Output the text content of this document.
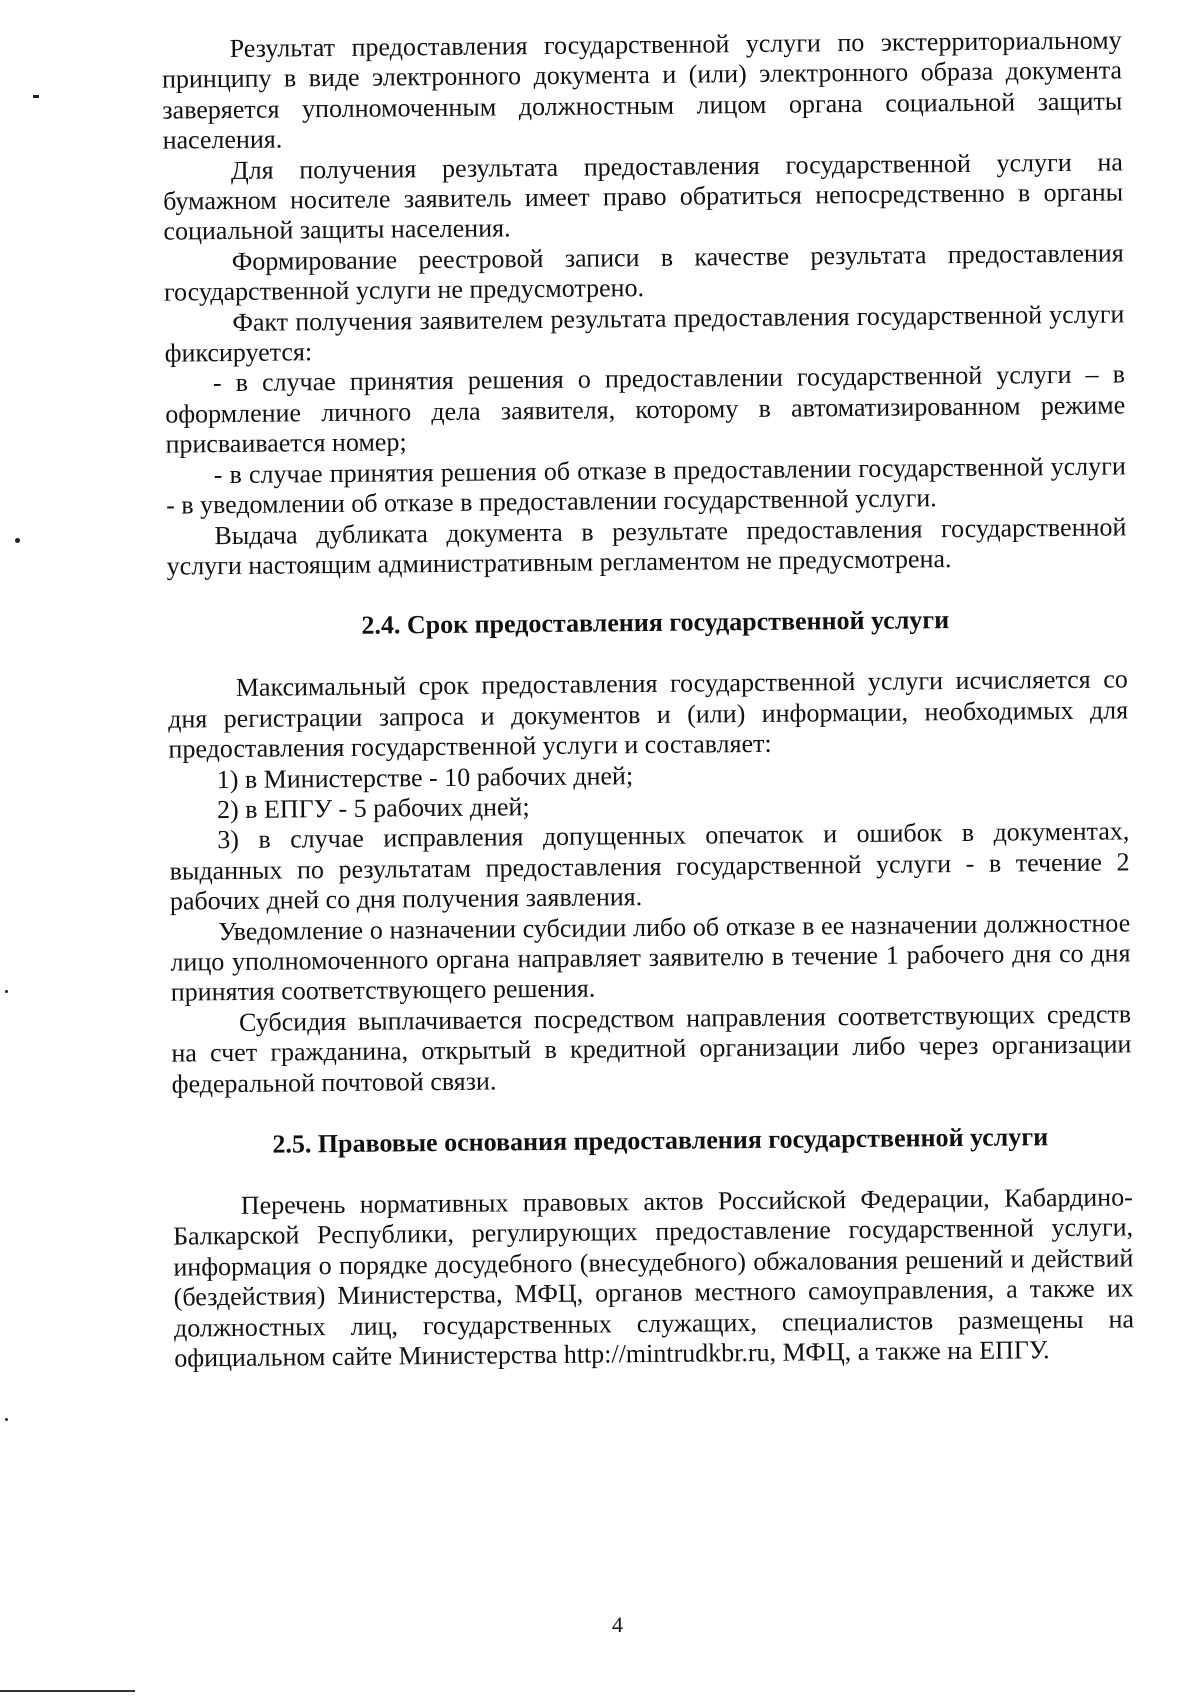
Результат предоставления государственной услуги по экстерриториальному принципу в виде электронного документа и (или) электронного образа документа заверяется уполномоченным должностным лицом органа социальной защиты населения.

Для получения результата предоставления государственной услуги на бумажном носителе заявитель имеет право обратиться непосредственно в органы социальной защиты населения.

Формирование реестровой записи в качестве результата предоставления государственной услуги не предусмотрено.

Факт получения заявителем результата предоставления государственной услуги фиксируется:

- в случае принятия решения о предоставлении государственной услуги – в оформление личного дела заявителя, которому в автоматизированном режиме присваивается номер;

- в случае принятия решения об отказе в предоставлении государственной услуги - в уведомлении об отказе в предоставлении государственной услуги.

Выдача дубликата документа в результате предоставления государственной услуги настоящим административным регламентом не предусмотрена.

2.4. Срок предоставления государственной услуги

Максимальный срок предоставления государственной услуги исчисляется со дня регистрации запроса и документов и (или) информации, необходимых для предоставления государственной услуги и составляет:

1) в Министерстве - 10 рабочих дней;

2) в ЕПГУ - 5 рабочих дней;

3) в случае исправления допущенных опечаток и ошибок в документах, выданных по результатам предоставления государственной услуги - в течение 2 рабочих дней со дня получения заявления.

Уведомление о назначении субсидии либо об отказе в ее назначении должностное лицо уполномоченного органа направляет заявителю в течение 1 рабочего дня со дня принятия соответствующего решения.

Субсидия выплачивается посредством направления соответствующих средств на счет гражданина, открытый в кредитной организации либо через организации федеральной почтовой связи.

2.5. Правовые основания предоставления государственной услуги

Перечень нормативных правовых актов Российской Федерации, Кабардино-Балкарской Республики, регулирующих предоставление государственной услуги, информация о порядке досудебного (внесудебного) обжалования решений и действий (бездействия) Министерства, МФЦ, органов местного самоуправления, а также их должностных лиц, государственных служащих, специалистов размещены на официальном сайте Министерства http://mintrudkbr.ru, МФЦ, а также на ЕПГУ.

4
